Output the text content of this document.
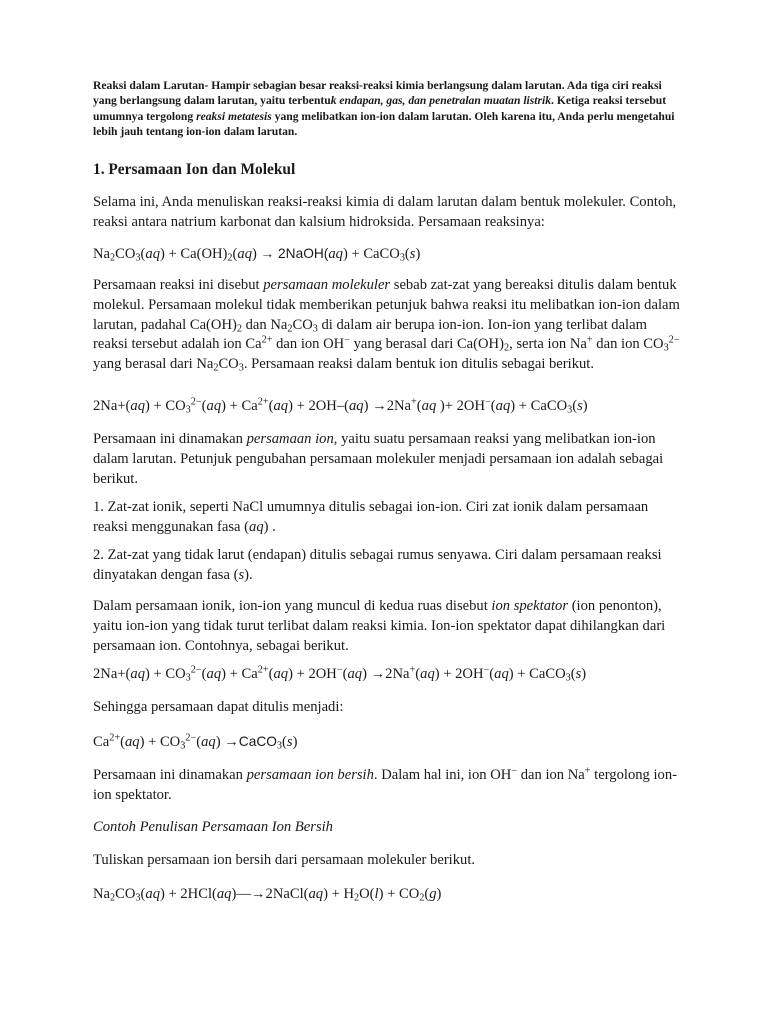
Reaksi dalam Larutan- Hampir sebagian besar reaksi-reaksi kimia berlangsung dalam larutan. Ada tiga ciri reaksi yang berlangsung dalam larutan, yaitu terbentuk endapan, gas, dan penetralan muatan listrik. Ketiga reaksi tersebut umumnya tergolong reaksi metatesis yang melibatkan ion-ion dalam larutan. Oleh karena itu, Anda perlu mengetahui lebih jauh tentang ion-ion dalam larutan.

1. Persamaan Ion dan Molekul

Selama ini, Anda menuliskan reaksi-reaksi kimia di dalam larutan dalam bentuk molekuler. Contoh, reaksi antara natrium karbonat dan kalsium hidroksida. Persamaan reaksinya:

$Na_2CO_3(aq) + Ca(OH)_2(aq)$ → 2NaOH(aq) + CaCO$_3$(s)

Persamaan reaksi ini disebut persamaan molekuler sebab zat-zat yang bereaksi ditulis dalam bentuk molekul. Persamaan molekul tidak memberikan petunjuk bahwa reaksi itu melibatkan ion-ion dalam larutan, padahal $Ca(OH)_2$ dan $Na_2CO_3$ di dalam air berupa ion-ion. Ion-ion yang terlibat dalam reaksi tersebut adalah ion $Ca^{2+}$ dan ion OH− yang berasal dari $Ca(OH)_2$, serta ion Na+ dan ion $CO_3^{2-}$ yang berasal dari $Na_2CO_3$. Persamaan reaksi dalam bentuk ion ditulis sebagai berikut.

$2Na+(aq) + CO_3^{2-}(aq) + Ca^{2+}(aq) + 2OH-(aq) \to 2Na^+(aq$ )+ 2OH−(aq) + CaCO$_3$(s)

Persamaan ini dinamakan persamaan ion, yaitu suatu persamaan reaksi yang melibatkan ion-ion dalam larutan. Petunjuk pengubahan persamaan molekuler menjadi persamaan ion adalah sebagai berikut.

1. Zat-zat ionik, seperti NaCl umumnya ditulis sebagai ion-ion. Ciri zat ionik dalam persamaan reaksi menggunakan fasa (aq) .

2. Zat-zat yang tidak larut (endapan) ditulis sebagai rumus senyawa. Ciri dalam persamaan reaksi dinyatakan dengan fasa (s).

Dalam persamaan ionik, ion-ion yang muncul di kedua ruas disebut ion spektator (ion penonton), yaitu ion-ion yang tidak turut terlibat dalam reaksi kimia. Ion-ion spektator dapat dihilangkan dari persamaan ion. Contohnya, sebagai berikut.

$2Na+(aq) + CO_3^{2-}(aq) + Ca^{2+}(aq) + 2OH^-(aq) \to 2Na^+(aq) + 2OH^-(aq)$ + CaCO$_3$(s)

Sehingga persamaan dapat ditulis menjadi:

$Ca^{2+}(aq) + CO_3^{2-}(aq)$ →CaCO$_3$(s)

Persamaan ini dinamakan persamaan ion bersih. Dalam hal ini, ion OH− dan ion Na+ tergolong ion-ion spektator.

Contoh Penulisan Persamaan Ion Bersih

Tuliskan persamaan ion bersih dari persamaan molekuler berikut.

$Na_2CO_3(aq)$ + 2HCl(aq)—→2NaCl(aq) + $H_2O(l) + CO_2(g)$
